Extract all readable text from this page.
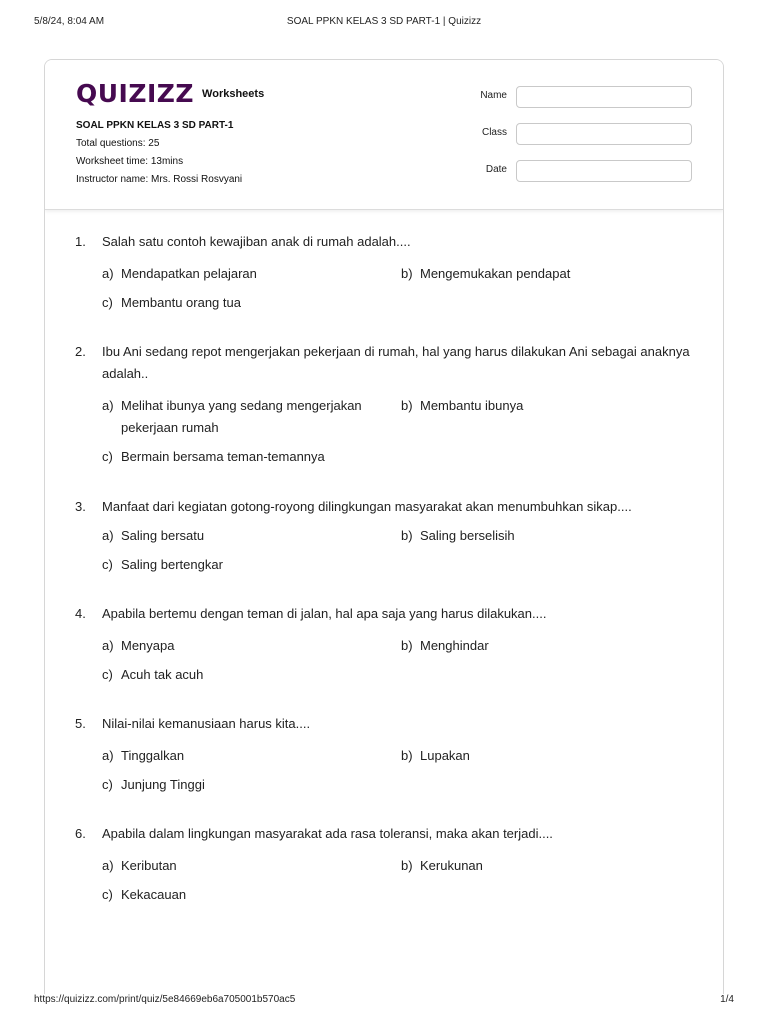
5/8/24, 8:04 AM	SOAL PPKN KELAS 3 SD PART-1 | Quizizz
QUIZIZZ Worksheets
SOAL PPKN KELAS 3 SD PART-1
Total questions: 25
Worksheet time: 13mins
Instructor name: Mrs. Rossi Rosvyani
Name
Class
Date
1.	Salah satu contoh kewajiban anak di rumah adalah....
a) Mendapatkan pelajaran	b) Mengemukakan pendapat
c) Membantu orang tua
2.	Ibu Ani sedang repot mengerjakan pekerjaan di rumah, hal yang harus dilakukan Ani sebagai anaknya adalah..
a) Melihat ibunya yang sedang mengerjakan pekerjaan rumah
b) Membantu ibunya
c) Bermain bersama teman-temannya
3.	Manfaat dari kegiatan gotong-royong dilingkungan masyarakat akan menumbuhkan sikap....
a) Saling bersatu	b) Saling berselisih
c) Saling bertengkar
4.	Apabila bertemu dengan teman di jalan, hal apa saja yang harus dilakukan....
a) Menyapa	b) Menghindar
c) Acuh tak acuh
5.	Nilai-nilai kemanusiaan harus kita....
a) Tinggalkan	b) Lupakan
c) Junjung Tinggi
6.	Apabila dalam lingkungan masyarakat ada rasa toleransi, maka akan terjadi....
a) Keributan	b) Kerukunan
c) Kekacauan
https://quizizz.com/print/quiz/5e84669eb6a705001b570ac5	1/4
